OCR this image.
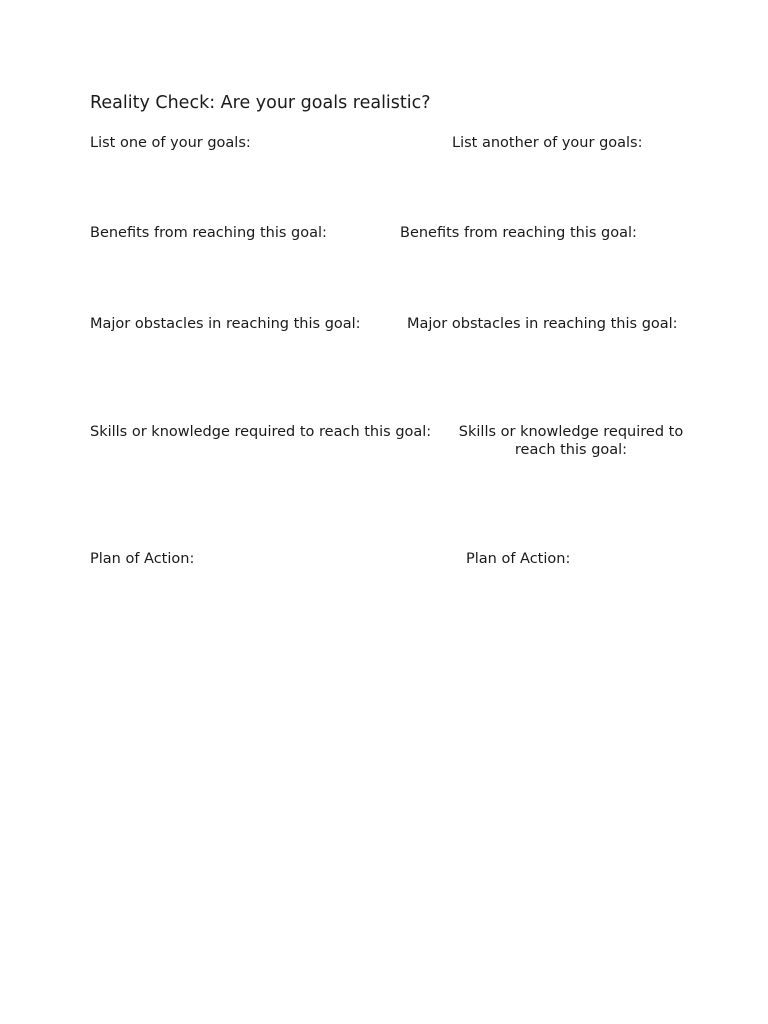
Reality Check: Are your goals realistic?
List one of your goals:	List another of your goals:
Benefits from reaching this goal:	Benefits from reaching this goal:
Major obstacles in reaching this goal:	Major obstacles in reaching this goal:
Skills or knowledge required to reach this goal:	Skills or knowledge required to reach this goal:
Plan of Action:	Plan of Action:
